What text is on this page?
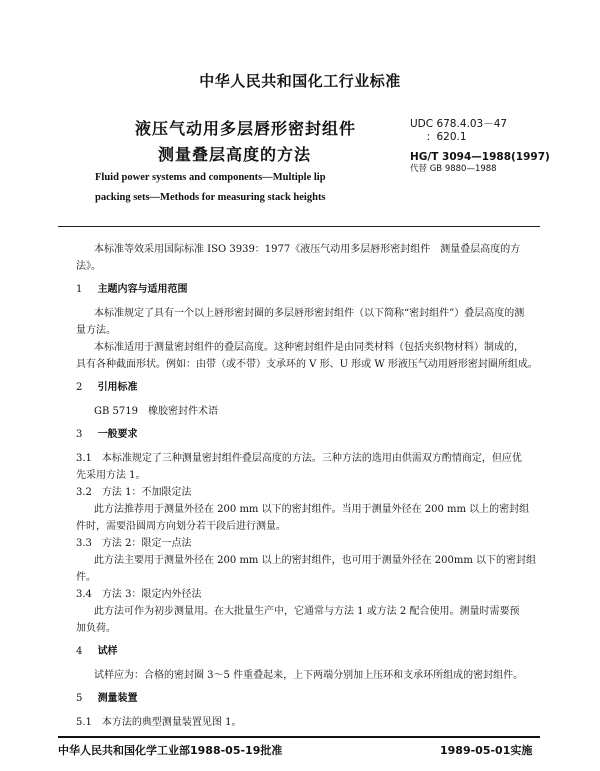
中华人民共和国化工行业标准
液压气动用多层唇形密封组件
测量叠层高度的方法
UDC 678.4.03－47
：620.1
HG/T 3094—1988(1997)
代替 GB 9880—1988
Fluid power systems and components—Multiple lip
packing sets—Methods for measuring stack heights
本标准等效采用国际标准 ISO 3939：1977《液压气动用多层唇形密封组件　测量叠层高度的方
法》。
1 主题内容与适用范围
本标准规定了具有一个以上唇形密封圈的多层唇形密封组件（以下简称“密封组件”）叠层高度的测
量方法。
本标准适用于测量密封组件的叠层高度。这种密封组件是由同类材料（包括夹织物材料）制成的，
具有各种截面形状。例如：由带（或不带）支承环的 V 形、U 形或 W 形液压气动用唇形密封圈所组成。
2 引用标准
GB 5719　橡胶密封件术语
3 一般要求
3.1　本标准规定了三种测量密封组件叠层高度的方法。三种方法的选用由供需双方酌情商定，但应优
先采用方法 1。
3.2　方法 1：不加限定法
此方法推荐用于测量外径在 200 mm 以下的密封组件。当用于测量外径在 200 mm 以上的密封组
件时，需要沿圆周方向划分若干段后进行测量。
3.3　方法 2：限定一点法
此方法主要用于测量外径在 200 mm 以上的密封组件，也可用于测量外径在 200mm 以下的密封组
件。
3.4　方法 3：限定内外径法
此方法可作为初步测量用。在大批量生产中，它通常与方法 1 或方法 2 配合使用。测量时需要预
加负荷。
4 试样
试样应为：合格的密封圈 3～5 件重叠起来，上下两端分别加上压环和支承环所组成的密封组件。
5 测量装置
5.1　本方法的典型测量装置见图 1。
中华人民共和国化学工业部1988-05-19批准	1989-05-01实施
